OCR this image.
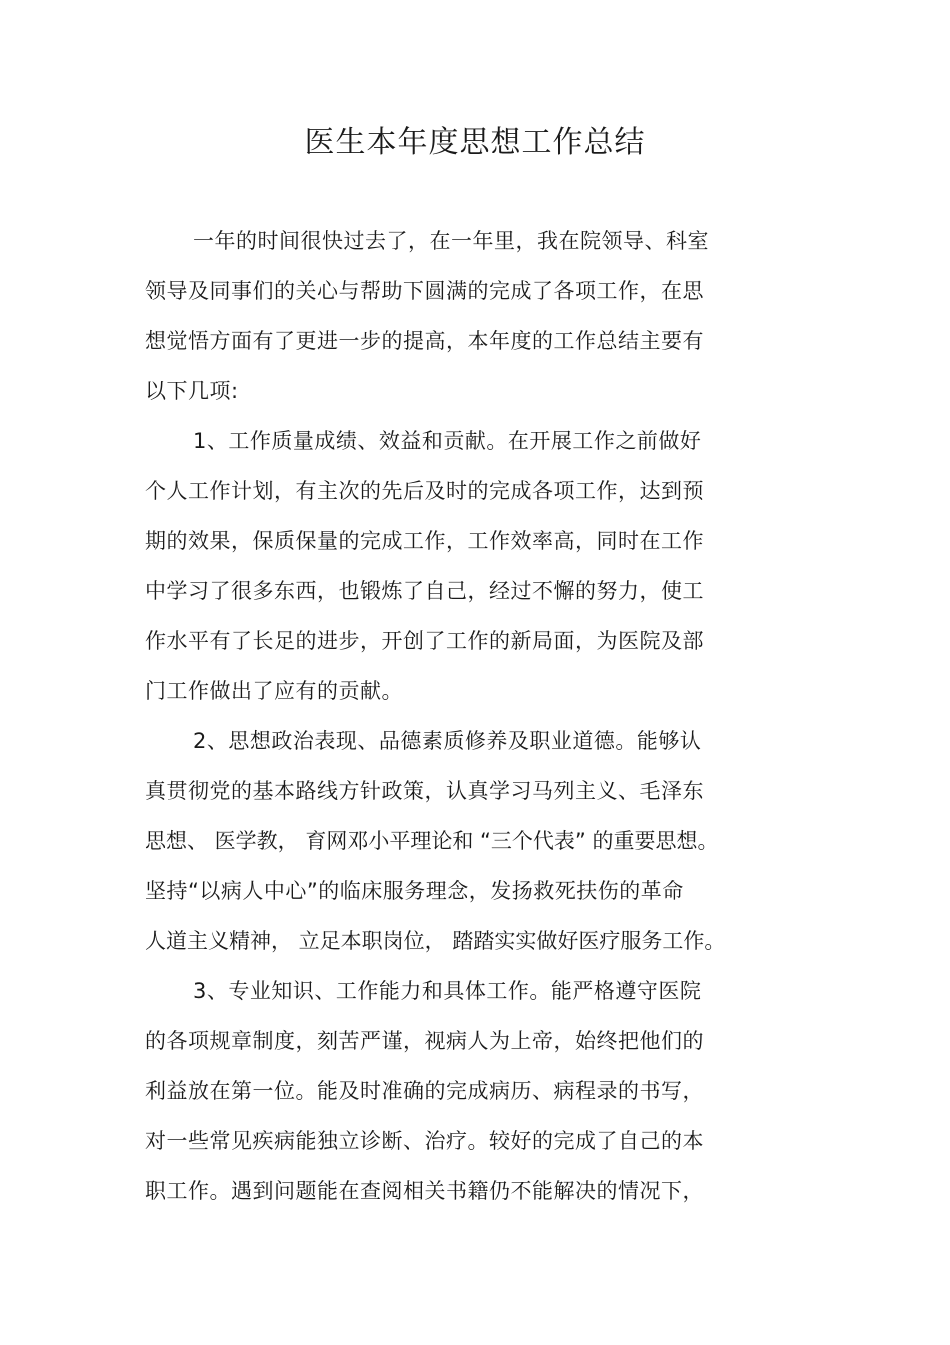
医生本年度思想工作总结

一年的时间很快过去了，在一年里，我在院领导、科室

领导及同事们的关心与帮助下圆满的完成了各项工作，在思

想觉悟方面有了更进一步的提高，本年度的工作总结主要有

以下几项:

1、工作质量成绩、效益和贡献。在开展工作之前做好

个人工作计划，有主次的先后及时的完成各项工作，达到预

期的效果，保质保量的完成工作，工作效率高，同时在工作

中学习了很多东西，也锻炼了自己，经过不懈的努力，使工

作水平有了长足的进步，开创了工作的新局面，为医院及部

门工作做出了应有的贡献。

2、思想政治表现、品德素质修养及职业道德。能够认

真贯彻党的基本路线方针政策，认真学习马列主义、毛泽东

思想、 医学教， 育网邓小平理论和 “三个代表” 的重要思想。

坚持“以病人中心”的临床服务理念，发扬救死扶伤的革命

人道主义精神， 立足本职岗位， 踏踏实实做好医疗服务工作。

3、专业知识、工作能力和具体工作。能严格遵守医院

的各项规章制度，刻苦严谨，视病人为上帝，始终把他们的

利益放在第一位。能及时准确的完成病历、病程录的书写，

对一些常见疾病能独立诊断、治疗。较好的完成了自己的本

职工作。遇到问题能在查阅相关书籍仍不能解决的情况下，
